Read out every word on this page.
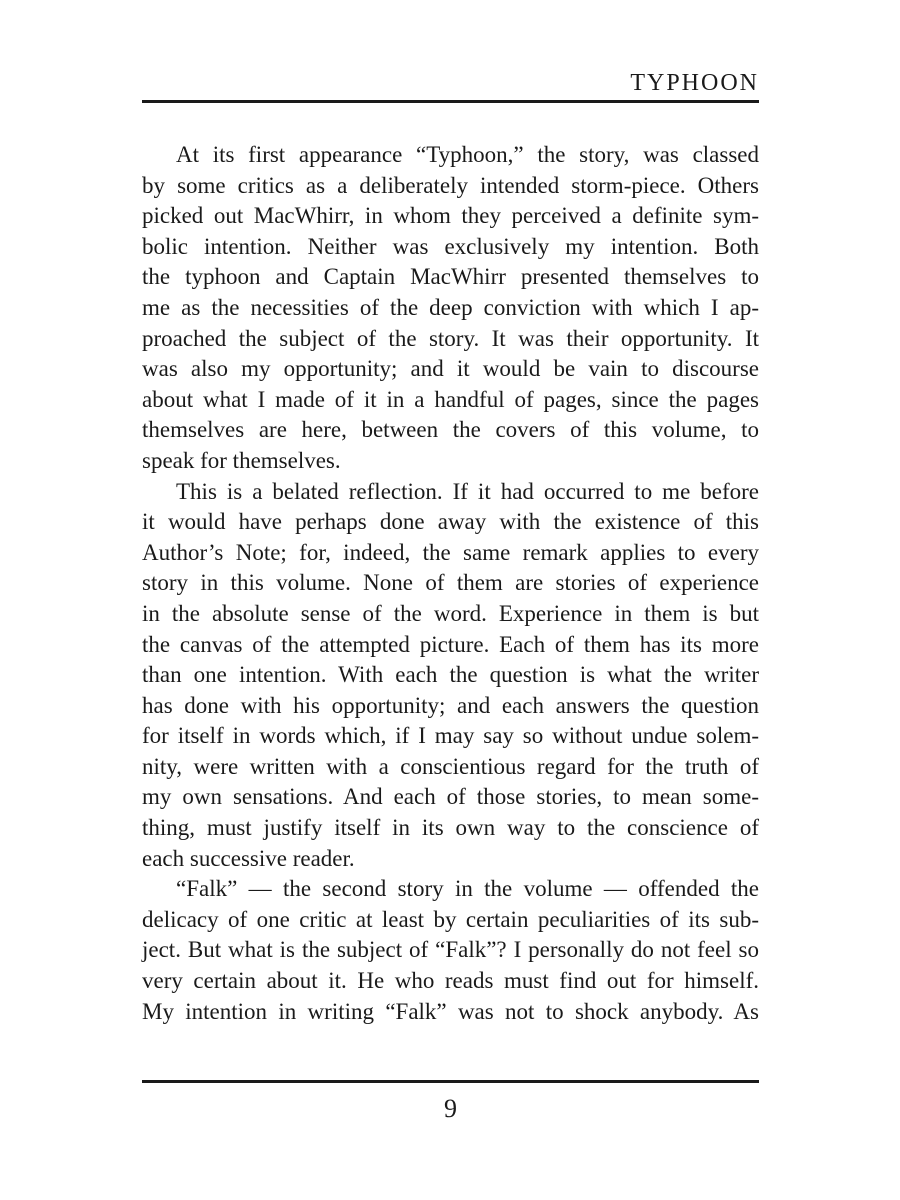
TYPHOON
At its first appearance “Typhoon,” the story, was classed
by some critics as a deliberately intended storm-piece. Others
picked out MacWhirr, in whom they perceived a definite sym-
bolic intention. Neither was exclusively my intention. Both
the typhoon and Captain MacWhirr presented themselves to
me as the necessities of the deep conviction with which I ap-
proached the subject of the story. It was their opportunity. It
was also my opportunity; and it would be vain to discourse
about what I made of it in a handful of pages, since the pages
themselves are here, between the covers of this volume, to
speak for themselves.
This is a belated reflection. If it had occurred to me before
it would have perhaps done away with the existence of this
Author’s Note; for, indeed, the same remark applies to every
story in this volume. None of them are stories of experience
in the absolute sense of the word. Experience in them is but
the canvas of the attempted picture. Each of them has its more
than one intention. With each the question is what the writer
has done with his opportunity; and each answers the question
for itself in words which, if I may say so without undue solem-
nity, were written with a conscientious regard for the truth of
my own sensations. And each of those stories, to mean some-
thing, must justify itself in its own way to the conscience of
each successive reader.
“Falk” — the second story in the volume — offended the
delicacy of one critic at least by certain peculiarities of its sub-
ject. But what is the subject of “Falk”? I personally do not feel so
very certain about it. He who reads must find out for himself.
My intention in writing “Falk” was not to shock anybody. As
9
